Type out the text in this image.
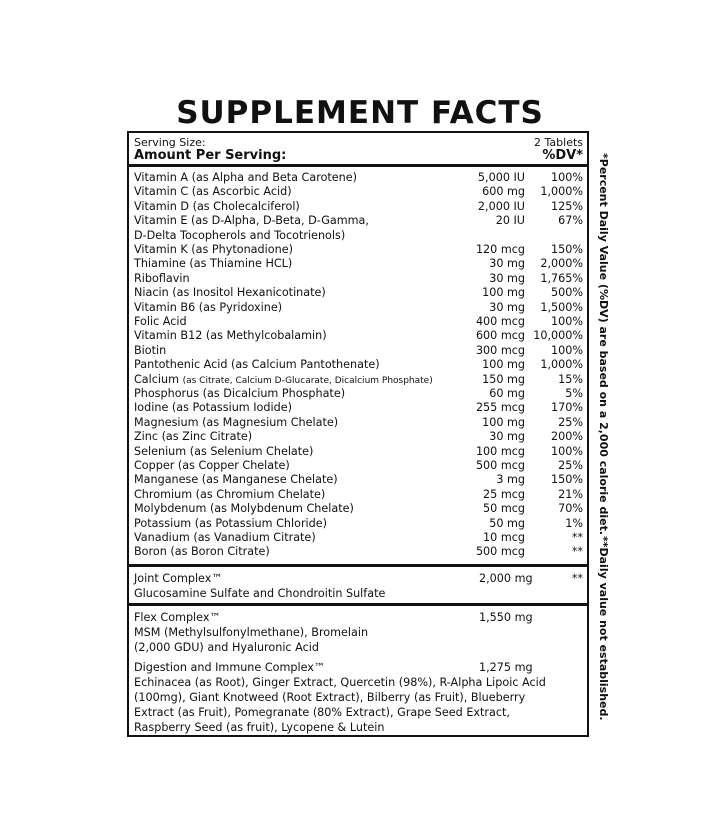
SUPPLEMENT FACTS
Serving Size:	2 Tablets
Amount Per Serving:	%DV*
Vitamin A (as Alpha and Beta Carotene)	5,000 IU 100%
Vitamin C (as Ascorbic Acid)	600 mg 1,000%
Vitamin D (as Cholecalciferol)	2,000 IU 125%
Vitamin E (as D-Alpha, D-Beta, D-Gamma,	20 IU	67%
D-Delta Tocopherols and Tocotrienols)
Vitamin K (as Phytonadione)	120 mcg 150%
Thiamine (as Thiamine HCL)	30 mg 2,000%
Riboflavin	30 mg 1,765%
Niacin (as Inositol Hexanicotinate)	100 mg 500%
Vitamin B6 (as Pyridoxine)	30 mg 1,500%
Folic Acid	400 mcg 100%
Vitamin B12 (as Methylcobalamin)	600 mcg 10,000%
Biotin	300 mcg 100%
Pantothenic Acid (as Calcium Pantothenate)	100 mg 1,000%
Calcium (as Citrate, Calcium D-Glucarate, Dicalcium Phosphate)	150 mg	15%
Phosphorus (as Dicalcium Phosphate)	60 mg	5%
Iodine (as Potassium Iodide)	255 mcg 170%
Magnesium (as Magnesium Chelate)	100 mg	25%
Zinc (as Zinc Citrate)	30 mg 200%
Selenium (as Selenium Chelate)	100 mcg 100%
Copper (as Copper Chelate)	500 mcg	25%
Manganese (as Manganese Chelate)	3 mg 150%
Chromium (as Chromium Chelate)	25 mcg	21%
Molybdenum (as Molybdenum Chelate)	50 mcg	70%
Potassium (as Potassium Chloride)	50 mg	1%
Vanadium (as Vanadium Citrate)	10 mcg	**
Boron (as Boron Citrate)	500 mcg	**
Joint Complex™	2,000 mg	**
Glucosamine Sulfate and Chondroitin Sulfate
Flex Complex™	1,550 mg
MSM (Methylsulfonylmethane), Bromelain
(2,000 GDU) and Hyaluronic Acid
Digestion and Immune Complex™	1,275 mg
Echinacea (as Root), Ginger Extract, Quercetin (98%), R-Alpha Lipoic Acid
(100mg), Giant Knotweed (Root Extract), Bilberry (as Fruit), Blueberry
Extract (as Fruit), Pomegranate (80% Extract), Grape Seed Extract,
Raspberry Seed (as fruit), Lycopene & Lutein
*Percent Daily Value (%DV) are based on a 2,000 calorie diet.
**Daily value not established.
